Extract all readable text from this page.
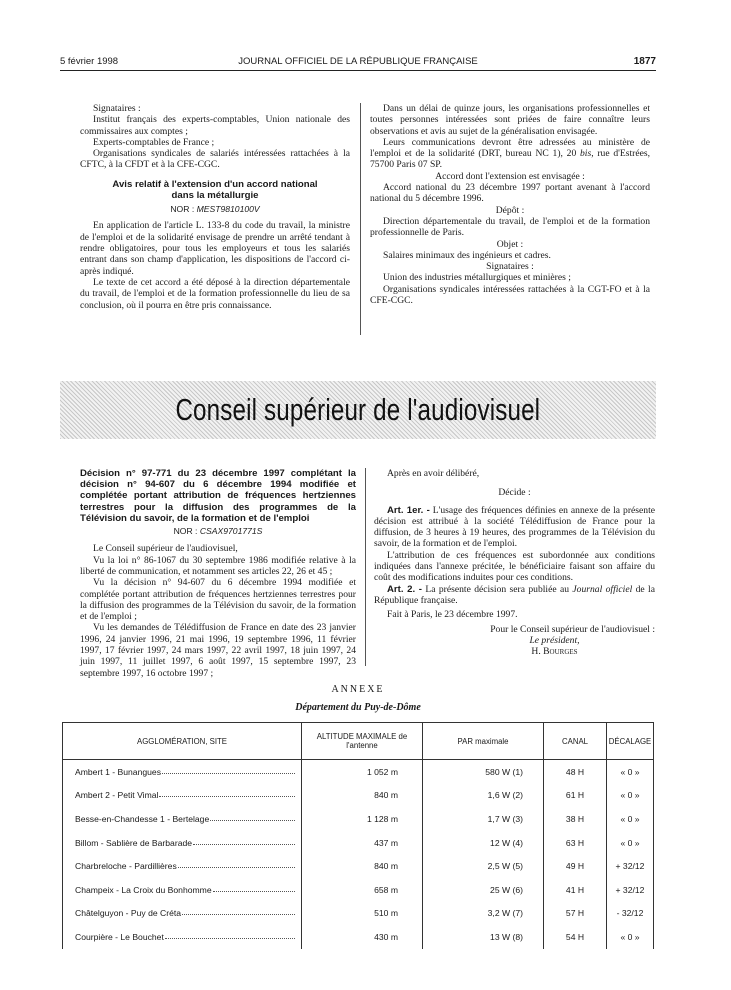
5 février 1998	JOURNAL OFFICIEL DE LA RÉPUBLIQUE FRANÇAISE	1877

Signataires :

Institut français des experts-comptables, Union nationale des commissaires aux comptes ;

Experts-comptables de France ;

Organisations syndicales de salariés intéressées rattachées à la CFTC, à la CFDT et à la CFE-CGC.

Avis relatif à l'extension d'un accord national

dans la métallurgie

NOR : MEST9810100V

En application de l'article L. 133-8 du code du travail, la ministre de l'emploi et de la solidarité envisage de prendre un arrêté tendant à rendre obligatoires, pour tous les employeurs et tous les salariés entrant dans son champ d'application, les dispositions de l'accord ci-après indiqué.

Le texte de cet accord a été déposé à la direction départementale du travail, de l'emploi et de la formation professionnelle du lieu de sa conclusion, où il pourra en être pris connaissance.

Dans un délai de quinze jours, les organisations professionnelles et toutes personnes intéressées sont priées de faire connaître leurs observations et avis au sujet de la généralisation envisagée.

Leurs communications devront être adressées au ministère de l'emploi et de la solidarité (DRT, bureau NC 1), 20 bis, rue d'Estrées, 75700 Paris 07 SP.

Accord dont l'extension est envisagée :

Accord national du 23 décembre 1997 portant avenant à l'accord national du 5 décembre 1996.

Dépôt :

Direction départementale du travail, de l'emploi et de la formation professionnelle de Paris.

Objet :

Salaires minimaux des ingénieurs et cadres.

Signataires :

Union des industries métallurgiques et minières ;

Organisations syndicales intéressées rattachées à la CGT-FO et à la CFE-CGC.

Conseil supérieur de l'audiovisuel

Décision n° 97-771 du 23 décembre 1997 complétant la décision n° 94-607 du 6 décembre 1994 modifiée et complétée portant attribution de fréquences hertziennes terrestres pour la diffusion des programmes de la Télévision du savoir, de la formation et de l'emploi

NOR : CSAX9701771S

Le Conseil supérieur de l'audiovisuel,

Vu la loi n° 86-1067 du 30 septembre 1986 modifiée relative à la liberté de communication, et notamment ses articles 22, 26 et 45 ;

Vu la décision n° 94-607 du 6 décembre 1994 modifiée et complétée portant attribution de fréquences hertziennes terrestres pour la diffusion des programmes de la Télévision du savoir, de la formation et de l'emploi ;

Vu les demandes de Télédiffusion de France en date des 23 janvier 1996, 24 janvier 1996, 21 mai 1996, 19 septembre 1996, 11 février 1997, 17 février 1997, 24 mars 1997, 22 avril 1997, 18 juin 1997, 24 juin 1997, 11 juillet 1997, 6 août 1997, 15 septembre 1997, 23 septembre 1997, 16 octobre 1997 ;

Après en avoir délibéré,

Décide :

Art. 1er. - L'usage des fréquences définies en annexe de la présente décision est attribué à la société Télédiffusion de France pour la diffusion, de 3 heures à 19 heures, des programmes de la Télévision du savoir, de la formation et de l'emploi.

L'attribution de ces fréquences est subordonnée aux conditions indiquées dans l'annexe précitée, le bénéficiaire faisant son affaire du coût des modifications induites pour ces conditions.

Art. 2. - La présente décision sera publiée au Journal officiel de la République française.

Fait à Paris, le 23 décembre 1997.

Pour le Conseil supérieur de l'audiovisuel :

Le président,

H. Bourges

ANNEXE
Département du Puy-de-Dôme
AGGLOMÉRATION, SITE	ALTITUDE MAXIMALE de l'antenne	PAR maximale	CANAL	DÉCALAGE

Ambert 1 - Bunangues	1 052 m	580 W (1)	48 H	« 0 »

Ambert 2 - Petit Vimal	840 m	1,6 W (2)	61 H	« 0 »

Besse-en-Chandesse 1 - Bertelage	1 128 m	1,7 W (3)	38 H	« 0 »

Billom - Sablière de Barbarade	437 m	12 W (4)	63 H	« 0 »

Charbreloche - Pardillières	840 m	2,5 W (5)	49 H	+ 32/12

Champeix - La Croix du Bonhomme	658 m	25 W (6)	41 H	+ 32/12

Châtelguyon - Puy de Créta	510 m	3,2 W (7)	57 H	- 32/12

Courpière - Le Bouchet	430 m	13 W (8)	54 H	« 0 »
